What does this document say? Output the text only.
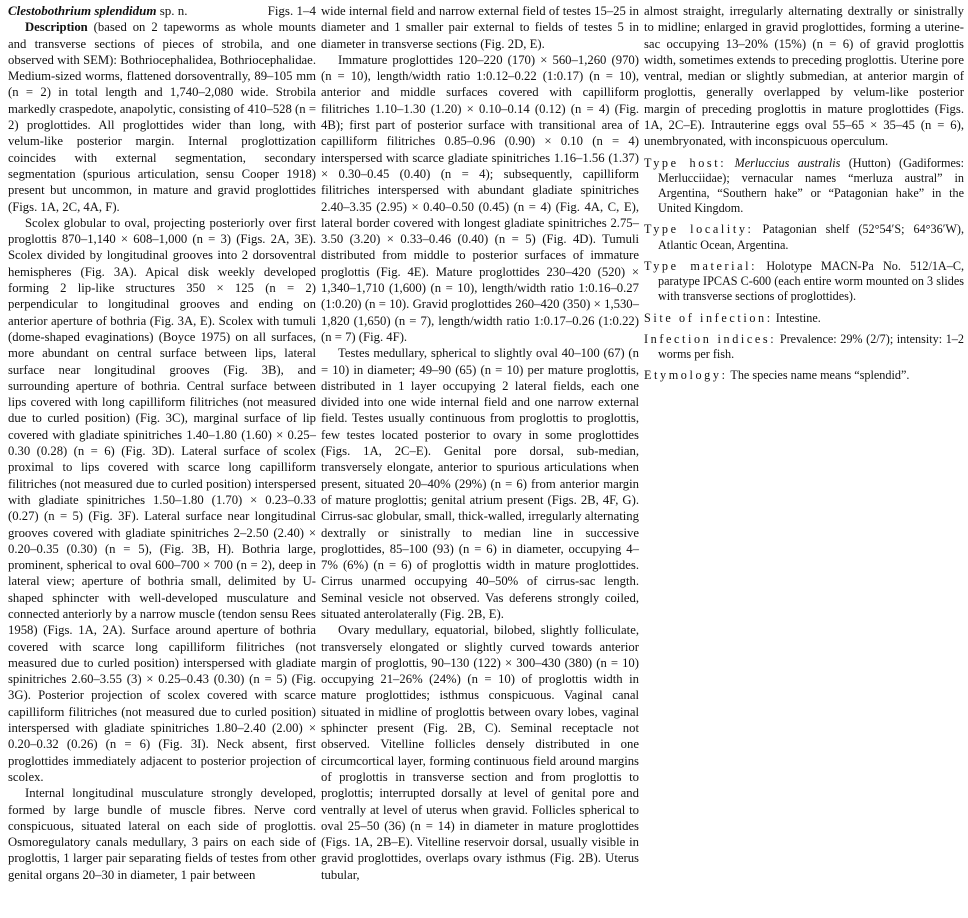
Clestobothrium splendidum sp. n.	Figs. 1–4

Description (based on 2 tapeworms as whole mounts and transverse sections of pieces of strobila, and one observed with SEM): Bothriocephalidea, Bothriocephalidae. Medium-sized worms, flattened dorsoventrally, 89–105 mm (n = 2) in total length and 1,740–2,080 wide. Strobila markedly craspedote, anapolytic, consisting of 410–528 (n = 2) proglottides. All proglottides wider than long, with velum-like posterior margin. Internal proglottization coincides with external segmentation, secondary segmentation (spurious articulation, sensu Cooper 1918) present but uncommon, in mature and gravid proglottides (Figs. 1A, 2C, 4A, F).

Scolex globular to oval, projecting posteriorly over first proglottis 870–1,140 × 608–1,000 (n = 3) (Figs. 2A, 3E). Scolex divided by longitudinal grooves into 2 dorsoventral hemispheres (Fig. 3A). Apical disk weekly developed forming 2 lip-like structures 350 × 125 (n = 2) perpendicular to longitudinal grooves and ending on anterior aperture of bothria (Fig. 3A, E). Scolex with tumuli (dome-shaped evaginations) (Boyce 1975) on all surfaces, more abundant on central surface between lips, lateral surface near longitudinal grooves (Fig. 3B), and surrounding aperture of bothria. Central surface between lips covered with long capilliform filitriches (not measured due to curled position) (Fig. 3C), marginal surface of lip covered with gladiate spinitriches 1.40–1.80 (1.60) × 0.25–0.30 (0.28) (n = 6) (Fig. 3D). Lateral surface of scolex proximal to lips covered with scarce long capilliform filitriches (not measured due to curled position) interspersed with gladiate spinitriches 1.50–1.80 (1.70) × 0.23–0.33 (0.27) (n = 5) (Fig. 3F). Lateral surface near longitudinal grooves covered with gladiate spinitriches 2–2.50 (2.40) × 0.20–0.35 (0.30) (n = 5), (Fig. 3B, H). Bothria large, prominent, spherical to oval 600–700 × 700 (n = 2), deep in lateral view; aperture of bothria small, delimited by U-shaped sphincter with well-developed musculature and connected anteriorly by a narrow muscle (tendon sensu Rees 1958) (Figs. 1A, 2A). Surface around aperture of bothria covered with scarce long capilliform filitriches (not measured due to curled position) interspersed with gladiate spinitriches 2.60–3.55 (3) × 0.25–0.43 (0.30) (n = 5) (Fig. 3G). Posterior projection of scolex covered with scarce capilliform filitriches (not measured due to curled position) interspersed with gladiate spinitriches 1.80–2.40 (2.00) × 0.20–0.32 (0.26) (n = 6) (Fig. 3I). Neck absent, first proglottides immediately adjacent to posterior projection of scolex.

Internal longitudinal musculature strongly developed, formed by large bundle of muscle fibres. Nerve cord conspicuous, situated lateral on each side of proglottis. Osmoregulatory canals medullary, 3 pairs on each side of proglottis, 1 larger pair separating fields of testes from other genital organs 20–30 in diameter, 1 pair between

wide internal field and narrow external field of testes 15–25 in diameter and 1 smaller pair external to fields of testes 5 in diameter in transverse sections (Fig. 2D, E).

Immature proglottides 120–220 (170) × 560–1,260 (970) (n = 10), length/width ratio 1:0.12–0.22 (1:0.17) (n = 10), anterior and middle surfaces covered with capilliform filitriches 1.10–1.30 (1.20) × 0.10–0.14 (0.12) (n = 4) (Fig. 4B); first part of posterior surface with transitional area of capilliform filitriches 0.85–0.96 (0.90) × 0.10 (n = 4) interspersed with scarce gladiate spinitriches 1.16–1.56 (1.37) × 0.30–0.45 (0.40) (n = 4); subsequently, capilliform filitriches interspersed with abundant gladiate spinitriches 2.40–3.35 (2.95) × 0.40–0.50 (0.45) (n = 4) (Fig. 4A, C, E), lateral border covered with longest gladiate spinitriches 2.75–3.50 (3.20) × 0.33–0.46 (0.40) (n = 5) (Fig. 4D). Tumuli distributed from middle to posterior surfaces of immature proglottis (Fig. 4E). Mature proglottides 230–420 (520) × 1,340–1,710 (1,600) (n = 10), length/width ratio 1:0.16–0.27 (1:0.20) (n = 10). Gravid proglottides 260–420 (350) × 1,530–1,820 (1,650) (n = 7), length/width ratio 1:0.17–0.26 (1:0.22) (n = 7) (Fig. 4F).

Testes medullary, spherical to slightly oval 40–100 (67) (n = 10) in diameter; 49–90 (65) (n = 10) per mature proglottis, distributed in 1 layer occupying 2 lateral fields, each one divided into one wide internal field and one narrow external field. Testes usually continuous from proglottis to proglottis, few testes located posterior to ovary in some proglottides (Figs. 1A, 2C–E). Genital pore dorsal, sub-median, transversely elongate, anterior to spurious articulations when present, situated 20–40% (29%) (n = 6) from anterior margin of mature proglottis; genital atrium present (Figs. 2B, 4F, G). Cirrus-sac globular, small, thick-walled, irregularly alternating dextrally or sinistrally to median line in successive proglottides, 85–100 (93) (n = 6) in diameter, occupying 4–7% (6%) (n = 6) of proglottis width in mature proglottides. Cirrus unarmed occupying 40–50% of cirrus-sac length. Seminal vesicle not observed. Vas deferens strongly coiled, situated anterolaterally (Fig. 2B, E).

Ovary medullary, equatorial, bilobed, slightly folliculate, transversely elongated or slightly curved towards anterior margin of proglottis, 90–130 (122) × 300–430 (380) (n = 10) occupying 21–26% (24%) (n = 10) of proglottis width in mature proglottides; isthmus conspicuous. Vaginal canal situated in midline of proglottis between ovary lobes, vaginal sphincter present (Fig. 2B, C). Seminal receptacle not observed. Vitelline follicles densely distributed in one circumcortical layer, forming continuous field around margins of proglottis in transverse section and from proglottis to proglottis; interrupted dorsally at level of genital pore and ventrally at level of uterus when gravid. Follicles spherical to oval 25–50 (36) (n = 14) in diameter in mature proglottides (Figs. 1A, 2B–E). Vitelline reservoir dorsal, usually visible in gravid proglottides, overlaps ovary isthmus (Fig. 2B). Uterus tubular,

almost straight, irregularly alternating dextrally or sinistrally to midline; enlarged in gravid proglottides, forming a uterine-sac occupying 13–20% (15%) (n = 6) of gravid proglottis width, sometimes extends to preceding proglottis. Uterine pore ventral, median or slightly submedian, at anterior margin of proglottis, generally overlapped by velum-like posterior margin of preceding proglottis in mature proglottides (Figs. 1A, 2C–E). Intrauterine eggs oval 55–65 × 35–45 (n = 6), unembryonated, with inconspicuous operculum.

Type host: Merluccius australis (Hutton) (Gadiformes: Merlucciidae); vernacular names “merluza austral” in Argentina, “Southern hake” or “Patagonian hake” in the United Kingdom.

Type locality: Patagonian shelf (52°54′S; 64°36′W), Atlantic Ocean, Argentina.

Type material: Holotype MACN-Pa No. 512/1A–C, paratype IPCAS C-600 (each entire worm mounted on 3 slides with transverse sections of proglottides).

Site of infection: Intestine.

Infection indices: Prevalence: 29% (2/7); intensity: 1–2 worms per fish.

Etymology: The species name means “splendid”.
